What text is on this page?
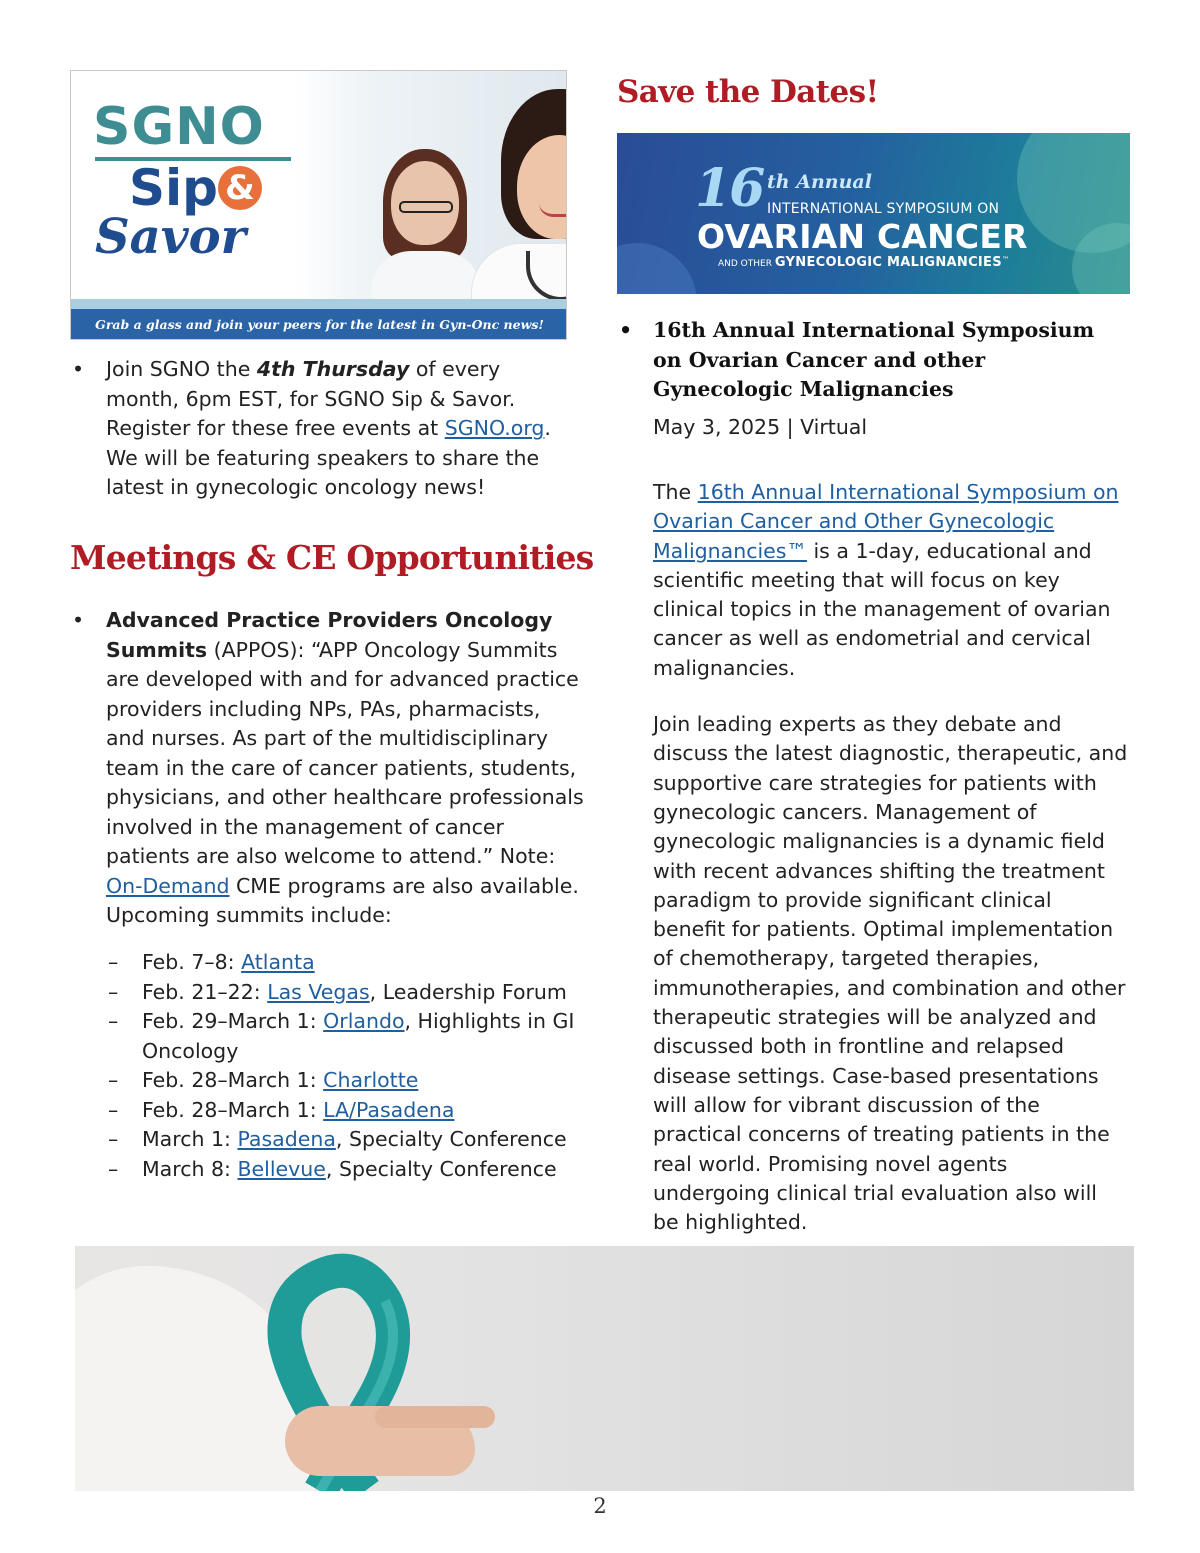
SGNO
Sip &
Savor
Grab a glass and join your peers for the latest in Gyn-Onc news!
• Join SGNO the 4th Thursday of every month, 6pm EST, for SGNO Sip & Savor. Register for these free events at SGNO.org. We will be featuring speakers to share the latest in gynecologic oncology news!
Meetings & CE Opportunities
• Advanced Practice Providers Oncology Summits (APPOS): “APP Oncology Summits are developed with and for advanced practice providers including NPs, PAs, pharmacists, and nurses. As part of the multidisciplinary team in the care of cancer patients, students, physicians, and other healthcare professionals involved in the management of cancer patients are also welcome to attend.” Note: On-Demand CME programs are also available. Upcoming summits include:
– Feb. 7–8: Atlanta
– Feb. 21–22: Las Vegas, Leadership Forum
– Feb. 29–March 1: Orlando, Highlights in GI Oncology
– Feb. 28–March 1: Charlotte
– Feb. 28–March 1: LA/Pasadena
– March 1: Pasadena, Specialty Conference
– March 8: Bellevue, Specialty Conference
Save the Dates!
16 th Annual
INTERNATIONAL SYMPOSIUM ON
OVARIAN CANCER
AND OTHER GYNECOLOGIC MALIGNANCIES™
• 16th Annual International Symposium on Ovarian Cancer and other Gynecologic Malignancies
May 3, 2025 | Virtual

The 16th Annual International Symposium on Ovarian Cancer and Other Gynecologic Malignancies™ is a 1-day, educational and scientific meeting that will focus on key clinical topics in the management of ovarian cancer as well as endometrial and cervical malignancies.

Join leading experts as they debate and discuss the latest diagnostic, therapeutic, and supportive care strategies for patients with gynecologic cancers. Management of gynecologic malignancies is a dynamic field with recent advances shifting the treatment paradigm to provide significant clinical benefit for patients. Optimal implementation of chemotherapy, targeted therapies, immunotherapies, and combination and other therapeutic strategies will be analyzed and discussed both in frontline and relapsed disease settings. Case-based presentations will allow for vibrant discussion of the practical concerns of treating patients in the real world. Promising novel agents undergoing clinical trial evaluation also will be highlighted.

2
